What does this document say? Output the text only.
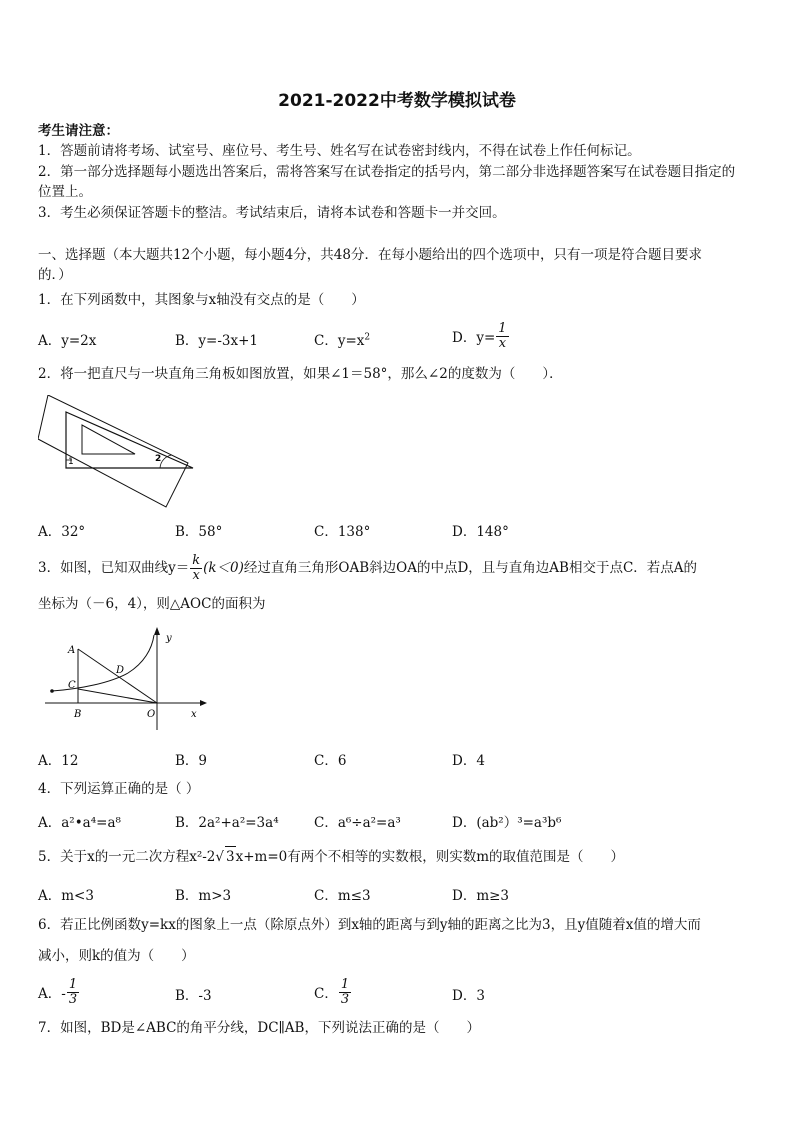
2021-2022中考数学模拟试卷
考生请注意：
1．答题前请将考场、试室号、座位号、考生号、姓名写在试卷密封线内，不得在试卷上作任何标记。
2．第一部分选择题每小题选出答案后，需将答案写在试卷指定的括号内，第二部分非选择题答案写在试卷题目指定的
位置上。
3．考生必须保证答题卡的整洁。考试结束后，请将本试卷和答题卡一并交回。
一、选择题（本大题共12个小题，每小题4分，共48分．在每小题给出的四个选项中，只有一项是符合题目要求
的．）
1．在下列函数中，其图象与x轴没有交点的是（　　）
A．y=2x	B．y=-3x+1	C．$y=x^2$	D．$y= \frac{1}{x}$
2．将一把直尺与一块直角三角板如图放置，如果∠1＝58°，那么∠2的度数为（　　）．
1	2
A．32°	B．58°	C．138°	D．148°
3．如图，已知双曲线$y= \frac{k}{x} (k<0)$ 经过直角三角形OAB斜边OA的中点D，且与直角边AB相交于点C．若点A的
坐标为（－6，4），则△AOC的面积为
A
B
C
D
O	x
y
A．12	B．9	C．6	D．4
4．下列运算正确的是（ ）
A．a²•a⁴=a⁸	B．2a²+a²=3a⁴	C．a⁶÷a²=a³	D．(ab²）³=a³b⁶
5．关于x的一元二次方程x²-2√ 3x+m=0有两个不相等的实数根，则实数m的取值范围是（　　）
A．m<3	B．m>3	C．m≤3	D．m≥3
6．若正比例函数y=kx的图象上一点（除原点外）到x轴的距离与到y轴的距离之比为3，且y值随着x值的增大而
减小，则k的值为（　　）
A．- $\frac{1}{3}$	B．-3	C． $\frac{1}{3}$	D．3
7．如图，BD是∠ABC的角平分线，DC∥AB，下列说法正确的是（　　）
